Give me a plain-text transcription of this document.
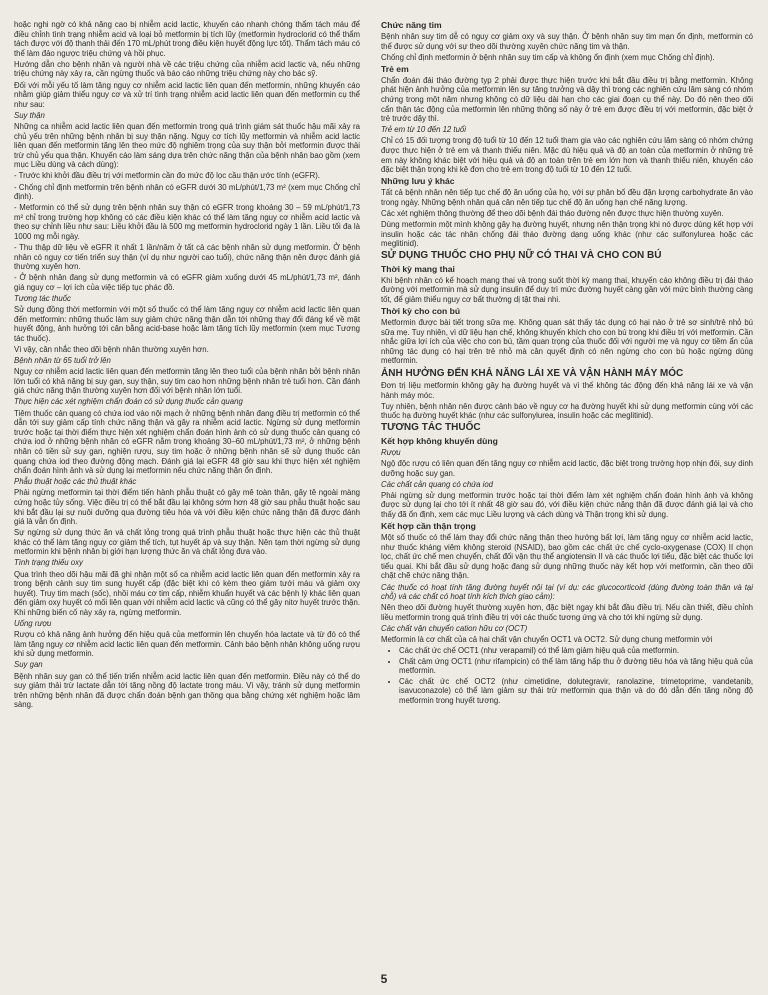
hoặc nghi ngờ có khả năng cao bị nhiễm acid lactic, khuyến cáo nhanh chóng thẩm tách máu để điều chỉnh tình trạng nhiễm acid và loại bỏ metformin bị tích lũy (metformin hydroclorid có thể thẩm tách được với độ thanh thải đến 170 mL/phút trong điều kiện huyết động lực tốt). Thẩm tách máu có thể làm đảo ngược triệu chứng và hồi phục.

Hướng dẫn cho bệnh nhân và người nhà về các triệu chứng của nhiễm acid lactic và, nếu những triệu chứng này xảy ra, cần ngừng thuốc và báo cáo những triệu chứng này cho bác sỹ.

Đối với mỗi yếu tố làm tăng nguy cơ nhiễm acid lactic liên quan đến metformin, những khuyến cáo nhằm giúp giảm thiểu nguy cơ và xử trí tình trạng nhiễm acid lactic liên quan đến metformin cụ thể như sau:

Suy thận

Những ca nhiễm acid lactic liên quan đến metformin trong quá trình giám sát thuốc hậu mãi xảy ra chủ yếu trên những bệnh nhân bị suy thận nặng. Nguy cơ tích lũy metformin và nhiễm acid lactic liên quan đến metformin tăng lên theo mức độ nghiêm trọng của suy thận bởi metformin được thải trừ chủ yếu qua thận. Khuyến cáo làm sáng dựa trên chức năng thận của bệnh nhân bao gồm (xem mục Liều dùng và cách dùng):

- Trước khi khởi đầu điều trị với metformin cần đo mức độ lọc cầu thận ước tính (eGFR).

- Chống chỉ định metformin trên bệnh nhân có eGFR dưới 30 mL/phút/1,73 m² (xem mục Chống chỉ định).

- Metformin có thể sử dụng trên bệnh nhân suy thận có eGFR trong khoảng 30 – 59 mL/phút/1,73 m² chỉ trong trường hợp không có các điều kiện khác có thể làm tăng nguy cơ nhiễm acid lactic và theo sự chỉnh liều như sau: Liều khởi đầu là 500 mg metformin hydroclorid ngày 1 lần. Liều tối đa là 1000 mg mỗi ngày.

- Thu thập dữ liệu về eGFR ít nhất 1 lần/năm ở tất cả các bệnh nhân sử dụng metformin. Ở bệnh nhân có nguy cơ tiến triển suy thận (ví dụ như người cao tuổi), chức năng thận nên được đánh giá thường xuyên hơn.

- Ở bệnh nhân đang sử dụng metformin và có eGFR giảm xuống dưới 45 mL/phút/1,73 m², đánh giá nguy cơ – lợi ích của việc tiếp tục phác đồ.

Tương tác thuốc

Sử dụng đồng thời metformin với một số thuốc có thể làm tăng nguy cơ nhiễm acid lactic liên quan đến metformin: những thuốc làm suy giảm chức năng thận dẫn tới những thay đổi đáng kể về mặt huyết động, ảnh hưởng tới cân bằng acid-base hoặc làm tăng tích lũy metformin (xem mục Tương tác thuốc).

Vì vậy, cân nhắc theo dõi bệnh nhân thường xuyên hơn.

Bệnh nhân từ 65 tuổi trở lên

Nguy cơ nhiễm acid lactic liên quan đến metformin tăng lên theo tuổi của bệnh nhân bởi bệnh nhân lớn tuổi có khả năng bị suy gan, suy thận, suy tim cao hơn những bệnh nhân trẻ tuổi hơn. Cần đánh giá chức năng thận thường xuyên hơn đối với bệnh nhân lớn tuổi.

Thực hiện các xét nghiệm chẩn đoán có sử dụng thuốc cản quang

Tiêm thuốc cản quang có chứa iod vào nội mạch ở những bệnh nhân đang điều trị metformin có thể dẫn tới suy giảm cấp tính chức năng thận và gây ra nhiễm acid lactic. Ngừng sử dụng metformin trước hoặc tại thời điểm thực hiện xét nghiệm chẩn đoán hình ảnh có sử dụng thuốc cản quang có chứa iod ở những bệnh nhân có eGFR nằm trong khoảng 30–60 mL/phút/1,73 m², ở những bệnh nhân có tiền sử suy gan, nghiện rượu, suy tim hoặc ở những bệnh nhân sẽ sử dụng thuốc cản quang chứa iod theo đường động mạch. Đánh giá lại eGFR 48 giờ sau khi thực hiện xét nghiệm chẩn đoán hình ảnh và sử dụng lại metformin nếu chức năng thận ổn định.

Phẫu thuật hoặc các thủ thuật khác

Phải ngừng metformin tại thời điểm tiến hành phẫu thuật có gây mê toàn thân, gây tê ngoài màng cứng hoặc tủy sống. Việc điều trị có thể bắt đầu lại không sớm hơn 48 giờ sau phẫu thuật hoặc sau khi bắt đầu lại sự nuôi dưỡng qua đường tiêu hóa và với điều kiện chức năng thận đã được đánh giá là vẫn ổn định.

Sự ngừng sử dụng thức ăn và chất lỏng trong quá trình phẫu thuật hoặc thực hiện các thủ thuật khác có thể làm tăng nguy cơ giảm thể tích, tụt huyết áp và suy thận. Nên tạm thời ngừng sử dụng metformin khi bệnh nhân bị giới hạn lượng thức ăn và chất lỏng đưa vào.

Tình trạng thiếu oxy

Qua trình theo dõi hậu mãi đã ghi nhận một số ca nhiễm acid lactic liên quan đến metformin xảy ra trong bệnh cảnh suy tim sung huyết cấp (đặc biệt khi có kèm theo giảm tưới máu và giảm oxy huyết). Truy tim mạch (sốc), nhồi máu cơ tim cấp, nhiễm khuẩn huyết và các bệnh lý khác liên quan đến giảm oxy huyết có mối liên quan với nhiễm acid lactic và cũng có thể gây nitơ huyết trước thận. Khi những biến cố này xảy ra, ngừng metformin.

Uống rượu

Rượu có khả năng ảnh hưởng đến hiệu quả của metformin lên chuyển hóa lactate và từ đó có thể làm tăng nguy cơ nhiễm acid lactic liên quan đến metformin. Cảnh báo bệnh nhân không uống rượu khi sử dụng metformin.

Suy gan

Bệnh nhân suy gan có thể tiến triển nhiễm acid lactic liên quan đến metformin. Điều này có thể do suy giảm thải trừ lactate dẫn tới tăng nồng độ lactate trong máu. Vì vậy, tránh sử dụng metformin trên những bệnh nhân đã được chẩn đoán bệnh gan thông qua bằng chứng xét nghiệm hoặc lâm sàng.

Chức năng tim

Bệnh nhân suy tim dễ có nguy cơ giảm oxy và suy thận. Ở bệnh nhân suy tim mạn ổn định, metformin có thể được sử dụng với sự theo dõi thường xuyên chức năng tim và thận.

Chống chỉ định metformin ở bệnh nhân suy tim cấp và không ổn định (xem mục Chống chỉ định).

Trẻ em

Chẩn đoán đái tháo đường typ 2 phải được thực hiện trước khi bắt đầu điều trị bằng metformin. Không phát hiện ảnh hưởng của metformin lên sự tăng trưởng và dậy thì trong các nghiên cứu lâm sàng có nhóm chứng trong một năm nhưng không có dữ liệu dài hạn cho các giai đoạn cụ thể này. Do đó nên theo dõi cẩn thận tác động của metformin lên những thông số này ở trẻ em được điều trị với metformin, đặc biệt ở trẻ trước dậy thì.

Trẻ em từ 10 đến 12 tuổi

Chỉ có 15 đối tượng trong độ tuổi từ 10 đến 12 tuổi tham gia vào các nghiên cứu lâm sàng có nhóm chứng được thực hiện ở trẻ em và thanh thiếu niên. Mặc dù hiệu quả và độ an toàn của metformin ở những trẻ em này không khác biệt với hiệu quả và độ an toàn trên trẻ em lớn hơn và thanh thiếu niên, khuyến cáo đặc biệt thận trọng khi kê đơn cho trẻ em trong độ tuổi từ 10 đến 12 tuổi.

Những lưu ý khác

Tất cả bệnh nhân nên tiếp tục chế độ ăn uống của họ, với sự phân bố đều đặn lượng carbohydrate ăn vào trong ngày. Những bệnh nhân quá cân nên tiếp tục chế độ ăn uống hạn chế năng lượng.

Các xét nghiệm thông thường để theo dõi bệnh đái tháo đường nên được thực hiện thường xuyên.

Dùng metformin một mình không gây hạ đường huyết, nhưng nên thận trọng khi nó được dùng kết hợp với insulin hoặc các tác nhân chống đái tháo đường dạng uống khác (như các sulfonylurea hoặc các meglitinid).

SỬ DỤNG THUỐC CHO PHỤ NỮ CÓ THAI VÀ CHO CON BÚ

Thời kỳ mang thai

Khi bệnh nhân có kế hoạch mang thai và trong suốt thời kỳ mang thai, khuyến cáo không điều trị đái tháo đường với metformin mà sử dụng insulin để duy trì mức đường huyết càng gần với mức bình thường càng tốt, để giảm thiểu nguy cơ bất thường dị tật thai nhi.

Thời kỳ cho con bú

Metformin được bài tiết trong sữa mẹ. Không quan sát thấy tác dụng có hại nào ở trẻ sơ sinh/trẻ nhỏ bú sữa mẹ. Tuy nhiên, vì dữ liệu hạn chế, không khuyến khích cho con bú trong khi điều trị với metformin. Cần nhắc giữa lợi ích của việc cho con bú, tầm quan trọng của thuốc đối với người mẹ và nguy cơ tiềm ẩn của những tác dụng có hại trên trẻ nhỏ mà cân quyết định có nên ngừng cho con bú hoặc ngừng dùng metformin.

ẢNH HƯỞNG ĐẾN KHẢ NĂNG LÁI XE VÀ VẬN HÀNH MÁY MÓC

Đơn trị liệu metformin không gây hạ đường huyết và vì thế không tác động đến khả năng lái xe và vận hành máy móc.

Tuy nhiên, bệnh nhân nên được cảnh báo về nguy cơ hạ đường huyết khi sử dụng metformin cùng với các thuốc hạ đường huyết khác (như các sulfonylurea, insulin hoặc các meglitinid).

TƯƠNG TÁC THUỐC

Kết hợp không khuyến dùng

Rượu

Ngộ độc rượu có liên quan đến tăng nguy cơ nhiễm acid lactic, đặc biệt trong trường hợp nhịn đói, suy dinh dưỡng hoặc suy gan.

Các chất cản quang có chứa iod

Phải ngừng sử dụng metformin trước hoặc tại thời điểm làm xét nghiệm chẩn đoán hình ảnh và không được sử dụng lại cho tới ít nhất 48 giờ sau đó, với điều kiện chức năng thận đã được đánh giá lại và cho thấy đã ổn định, xem các mục Liều lượng và cách dùng và Thận trọng khi sử dụng.

Kết hợp cần thận trọng

Một số thuốc có thể làm thay đổi chức năng thận theo hướng bất lợi, làm tăng nguy cơ nhiễm acid lactic, như thuốc kháng viêm không steroid (NSAID), bao gồm các chất ức chế cyclo-oxygenase (COX) II chọn lọc, chất ức chế men chuyển, chất đối vận thụ thể angiotensin II và các thuốc lợi tiểu, đặc biệt các thuốc lợi tiểu quai. Khi bắt đầu sử dụng hoặc đang sử dụng những thuốc này kết hợp với metformin, cần theo dõi chặt chẽ chức năng thận.

Các thuốc có hoạt tính tăng đường huyết nội tại (ví dụ: các glucocorticoid (dùng đường toàn thân và tại chỗ) và các chất có hoạt tính kích thích giao cảm):

Nên theo dõi đường huyết thường xuyên hơn, đặc biệt ngay khi bắt đầu điều trị. Nếu cần thiết, điều chỉnh liều metformin trong quá trình điều trị với các thuốc tương ứng và cho tới khi ngừng sử dụng.

Các chất vận chuyển cation hữu cơ (OCT)

Metformin là cơ chất của cả hai chất vận chuyển OCT1 và OCT2. Sử dụng chung metformin với

• Các chất ức chế OCT1 (như verapamil) có thể làm giảm hiệu quả của metformin.
• Chất cảm ứng OCT1 (như rifampicin) có thể làm tăng hấp thu ở đường tiêu hóa và tăng hiệu quả của metformin.
• Các chất ức chế OCT2 (như cimetidine, dolutegravir, ranolazine, trimetoprime, vandetanib, isavuconazole) có thể làm giảm sự thải trừ metformin qua thận và do đó dẫn đến tăng nồng độ metformin trong huyết tương.
5
